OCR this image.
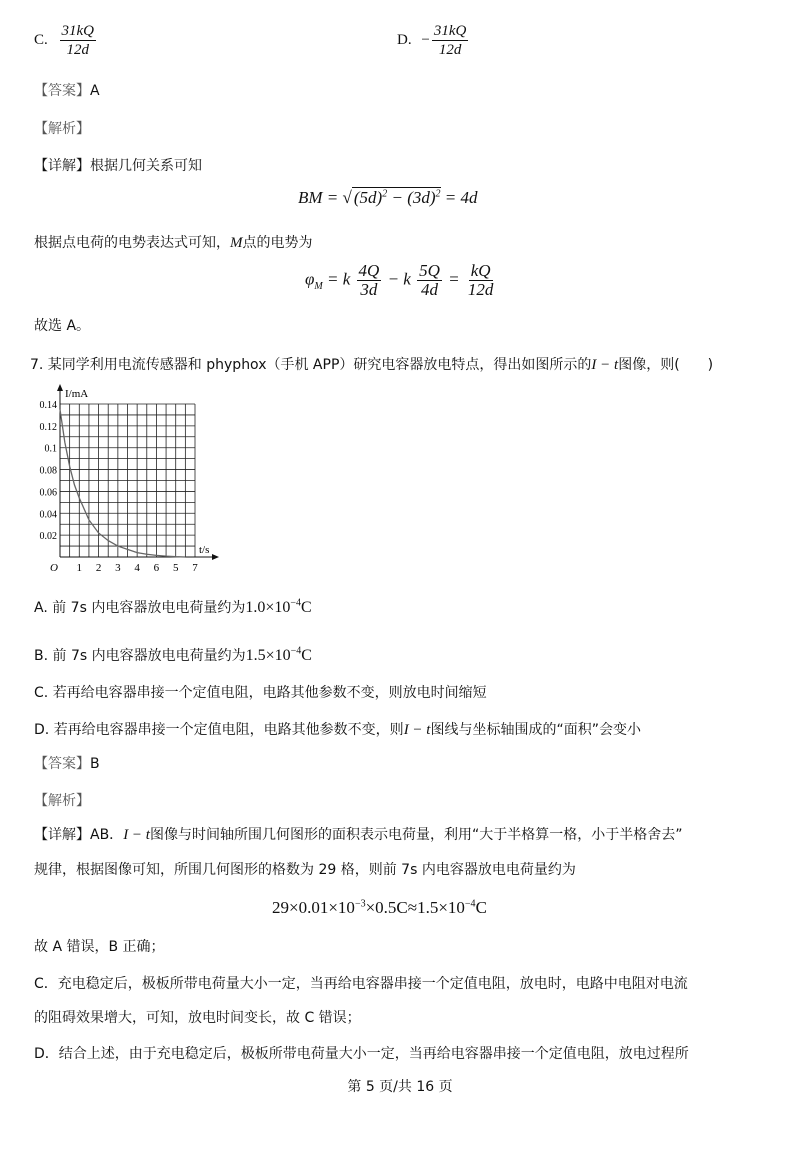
C. $\frac{31kQ}{12d}$	D. − $\frac{31kQ}{12d}$
【答案】A
【解析】
【详解】根据几何关系可知
BM = √ $(5d)^2 - (3d)^2 = 4d$
根据点电荷的电势表达式可知，M点的电势为
$\varphi_M = k \frac{4Q}{3d} - k \frac{5Q}{4d} = \frac{kQ}{12d}$
故选 A。
7. 某同学利用电流传感器和 phyphox（手机 APP）研究电容器放电特点，得出如图所示的I − t图像，则(　　)
0.02
0.04
0.06
0.08
0.1
0.12
0.14
1 2 3 4 6 5 7
O
I/mA
t/s
A. 前 7s 内电容器放电电荷量约为$1.0\times 10^{-4}C$
B. 前 7s 内电容器放电电荷量约为$1.5\times 10^{-4}C$
C. 若再给电容器串接一个定值电阻，电路其他参数不变，则放电时间缩短
D. 若再给电容器串接一个定值电阻，电路其他参数不变，则I − t图线与坐标轴围成的“面积”会变小
【答案】B
【解析】
【详解】AB．I − t图像与时间轴所围几何图形的面积表示电荷量，利用“大于半格算一格，小于半格舍去”
规律，根据图像可知，所围几何图形的格数为 29 格，则前 7s 内电容器放电电荷量约为
$29\times 0.01\times 10^{-3}\times 0.5C\approx 1.5\times 10^{-4}C$
故 A 错误，B 正确；
C．充电稳定后，极板所带电荷量大小一定，当再给电容器串接一个定值电阻，放电时，电路中电阻对电流
的阻碍效果增大，可知，放电时间变长，故 C 错误；
D．结合上述，由于充电稳定后，极板所带电荷量大小一定，当再给电容器串接一个定值电阻，放电过程所
第 5 页/共 16 页
